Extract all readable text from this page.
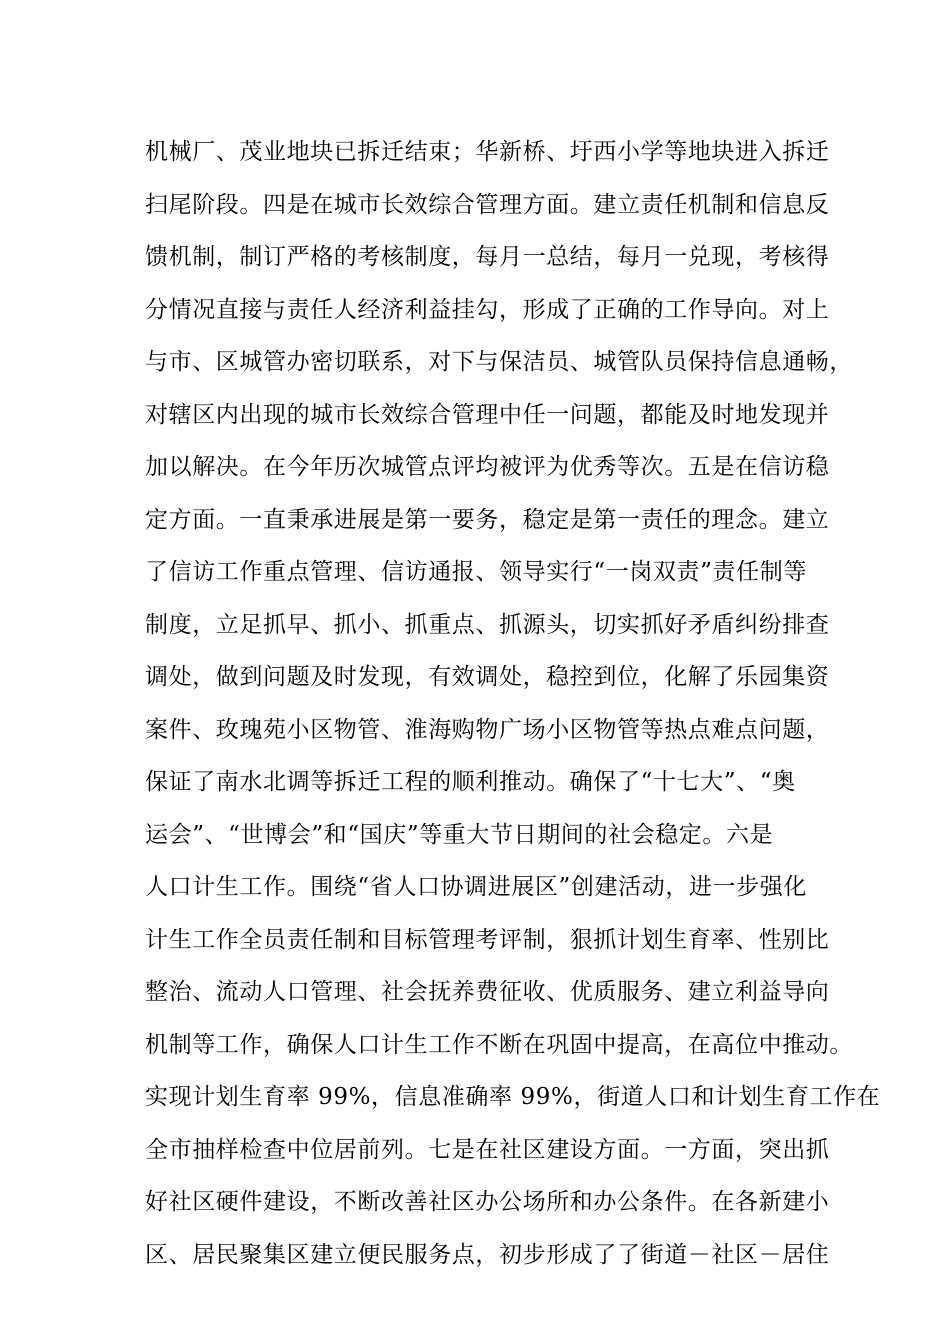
机械厂、茂业地块已拆迁结束；华新桥、圩西小学等地块进入拆迁
扫尾阶段。四是在城市长效综合管理方面。建立责任机制和信息反
馈机制，制订严格的考核制度，每月一总结，每月一兑现，考核得
分情况直接与责任人经济利益挂勾，形成了正确的工作导向。对上
与市、区城管办密切联系，对下与保洁员、城管队员保持信息通畅，
对辖区内出现的城市长效综合管理中任一问题，都能及时地发现并
加以解决。在今年历次城管点评均被评为优秀等次。五是在信访稳
定方面。一直秉承进展是第一要务，稳定是第一责任的理念。建立
了信访工作重点管理、信访通报、领导实行“一岗双责”责任制等
制度，立足抓早、抓小、抓重点、抓源头，切实抓好矛盾纠纷排查
调处，做到问题及时发现，有效调处，稳控到位，化解了乐园集资
案件、玫瑰苑小区物管、淮海购物广场小区物管等热点难点问题，
保证了南水北调等拆迁工程的顺利推动。确保了“十七大”、“奥
运会”、“世博会”和“国庆”等重大节日期间的社会稳定。六是
人口计生工作。围绕“省人口协调进展区”创建活动，进一步强化
计生工作全员责任制和目标管理考评制，狠抓计划生育率、性别比
整治、流动人口管理、社会抚养费征收、优质服务、建立利益导向
机制等工作，确保人口计生工作不断在巩固中提高，在高位中推动。
实现计划生育率 99%，信息准确率 99%，街道人口和计划生育工作在
全市抽样检查中位居前列。七是在社区建设方面。一方面，突出抓
好社区硬件建设，不断改善社区办公场所和办公条件。在各新建小
区、居民聚集区建立便民服务点，初步形成了了街道－社区－居住
